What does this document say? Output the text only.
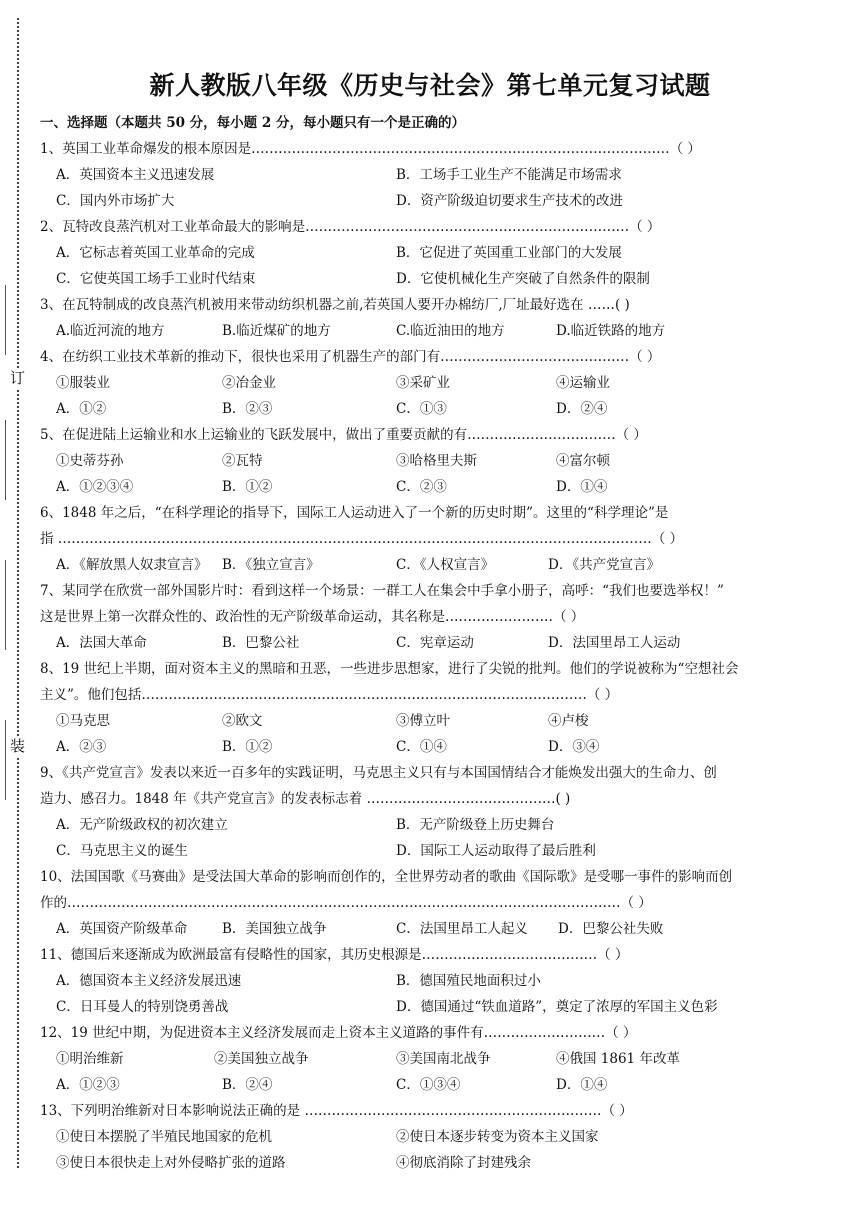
订
装
新人教版八年级《历史与社会》第七单元复习试题
一、选择题（本题共 50 分，每小题 2 分，每小题只有一个是正确的）
1、英国工业革命爆发的根本原因是…………………………………………………………………………………（ ）
A．英国资本主义迅速发展	B．工场手工业生产不能满足市场需求
C．国内外市场扩大	D．资产阶级迫切要求生产技术的改进
2、瓦特改良蒸汽机对工业革命最大的影响是………………………………………………………………（ ）
A．它标志着英国工业革命的完成	B．它促进了英国重工业部门的大发展
C．它使英国工场手工业时代结束	D．它使机械化生产突破了自然条件的限制
3、在瓦特制成的改良蒸汽机被用来带动纺织机器之前,若英国人要开办棉纺厂,厂址最好选在 ……( )
A.临近河流的地方	B.临近煤矿的地方	C.临近油田的地方	D.临近铁路的地方
4、在纺织工业技术革新的推动下，很快也采用了机器生产的部门有……………………………………（ ）
①服装业	②冶金业	③采矿业	④运输业
A．①②	B．②③	C．①③	D．②④
5、在促进陆上运输业和水上运输业的飞跃发展中，做出了重要贡献的有……………………………（ ）
①史蒂芬孙	②瓦特	③哈格里夫斯	④富尔顿
A．①②③④	B．①②	C．②③	D．①④
6、1848 年之后，“在科学理论的指导下，国际工人运动进入了一个新的历史时期”。这里的“科学理论”是
指 ……………………………………………………………………………………………………………………（ ）
A．《解放黑人奴隶宣言》 B．《独立宣言》	C．《人权宣言》	D．《共产党宣言》
7、某同学在欣赏一部外国影片时：看到这样一个场景：一群工人在集会中手拿小册子，高呼：“我们也要选举权！”
这是世界上第一次群众性的、政治性的无产阶级革命运动，其名称是……………………（ ）
A．法国大革命	B．巴黎公社	C．宪章运动	D．法国里昂工人运动
8、19 世纪上半期，面对资本主义的黑暗和丑恶，一些进步思想家，进行了尖锐的批判。他们的学说被称为“空想社会
主义”。他们包括………………………………………………………………………………………（ ）
①马克思	②欧文	③傅立叶	④卢梭
A．②③	B．①②	C．①④	D．③④
9、《共产党宣言》发表以来近一百多年的实践证明，马克思主义只有与本国国情结合才能焕发出强大的生命力、创
造力、感召力。1848 年《共产党宣言》的发表标志着 ……………………………………( )
A．无产阶级政权的初次建立	B．无产阶级登上历史舞台
C．马克思主义的诞生	D．国际工人运动取得了最后胜利
10、法国国歌《马赛曲》是受法国大革命的影响而创作的，全世界劳动者的歌曲《国际歌》是受哪一事件的影响而创
作的……………………………………………………………………………………………………………（ ）
A．英国资产阶级革命	B．美国独立战争	C．法国里昂工人起义 D．巴黎公社失败
11、德国后来逐渐成为欧洲最富有侵略性的国家，其历史根源是…………………………………（ ）
A．德国资本主义经济发展迅速	B．德国殖民地面积过小
C．日耳曼人的特别饶勇善战	D．德国通过“铁血道路”，奠定了浓厚的军国主义色彩
12、19 世纪中期，为促进资本主义经济发展而走上资本主义道路的事件有………………………（ ）
①明治维新	②美国独立战争	③美国南北战争	④俄国 1861 年改革
A．①②③	B．②④	C．①③④	D．①④
13、下列明治维新对日本影响说法正确的是 …………………………………………………………（ ）
①使日本摆脱了半殖民地国家的危机	②使日本逐步转变为资本主义国家
③使日本很快走上对外侵略扩张的道路	④彻底消除了封建残余
